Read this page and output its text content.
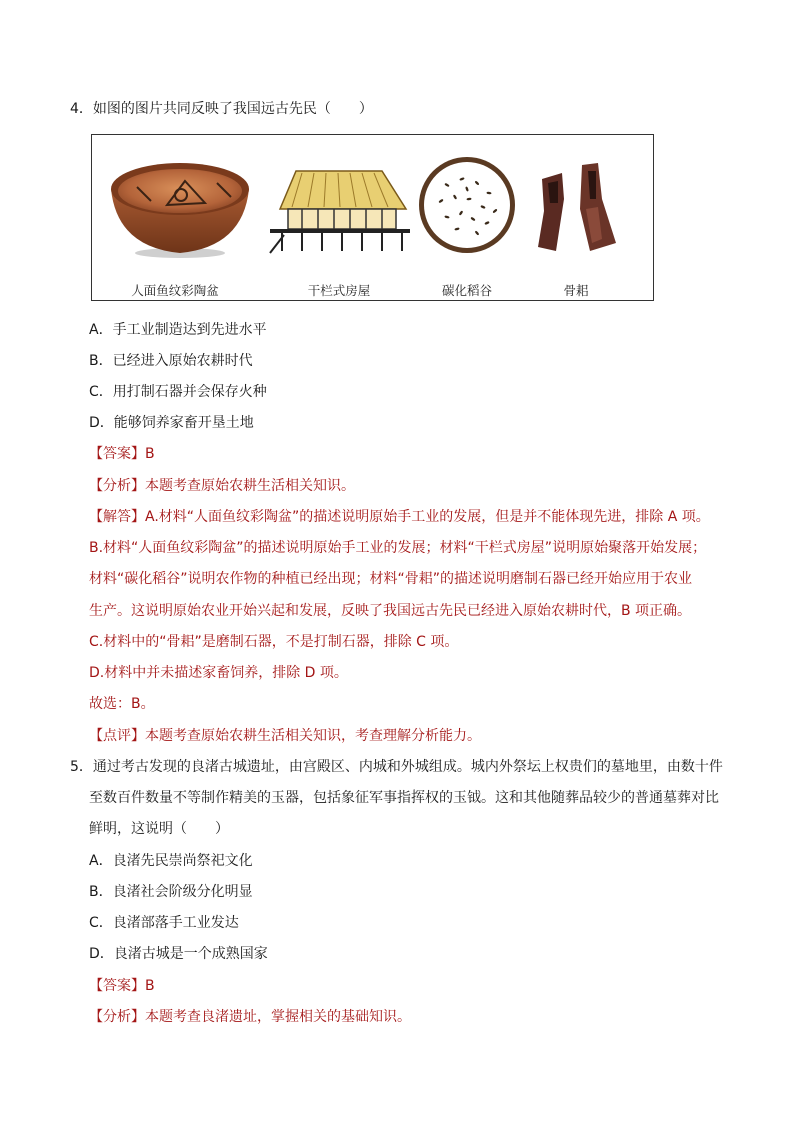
4．如图的图片共同反映了我国远古先民（　　）
人面鱼纹彩陶盆	干栏式房屋	碳化稻谷	骨耜
A．手工业制造达到先进水平
B．已经进入原始农耕时代
C．用打制石器并会保存火种
D．能够饲养家畜开垦土地
【答案】B
【分析】本题考查原始农耕生活相关知识。
【解答】A.材料“人面鱼纹彩陶盆”的描述说明原始手工业的发展，但是并不能体现先进，排除 A 项。
B.材料“人面鱼纹彩陶盆”的描述说明原始手工业的发展；材料“干栏式房屋”说明原始聚落开始发展；
材料“碳化稻谷”说明农作物的种植已经出现；材料“骨耜”的描述说明磨制石器已经开始应用于农业
生产。这说明原始农业开始兴起和发展，反映了我国远古先民已经进入原始农耕时代，B 项正确。
C.材料中的“骨耜”是磨制石器，不是打制石器，排除 C 项。
D.材料中并未描述家畜饲养，排除 D 项。
故选：B。
【点评】本题考查原始农耕生活相关知识，考查理解分析能力。
5．通过考古发现的良渚古城遗址，由宫殿区、内城和外城组成。城内外祭坛上权贵们的墓地里，由数十件
至数百件数量不等制作精美的玉器，包括象征军事指挥权的玉钺。这和其他随葬品较少的普通墓葬对比
鲜明，这说明（　　）
A．良渚先民崇尚祭祀文化
B．良渚社会阶级分化明显
C．良渚部落手工业发达
D．良渚古城是一个成熟国家
【答案】B
【分析】本题考查良渚遗址，掌握相关的基础知识。
